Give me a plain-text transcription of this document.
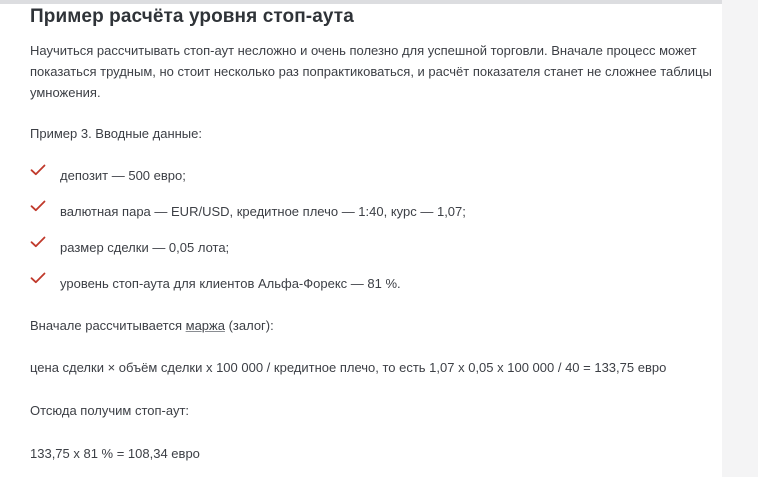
Пример расчёта уровня стоп-аута

Научиться рассчитывать стоп-аут несложно и очень полезно для успешной торговли. Вначале процесс может показаться трудным, но стоит несколько раз попрактиковаться, и расчёт показателя станет не сложнее таблицы умножения.

Пример 3. Вводные данные:

депозит — 500 евро;
валютная пара — EUR/USD, кредитное плечо — 1:40, курс — 1,07;
размер сделки — 0,05 лота;
уровень стоп-аута для клиентов Альфа-Форекс — 81 %.

Вначале рассчитывается маржа (залог):

цена сделки × объём сделки х 100 000 / кредитное плечо, то есть 1,07 х 0,05 х 100 000 / 40 = 133,75 евро

Отсюда получим стоп-аут:

133,75 х 81 % = 108,34 евро
